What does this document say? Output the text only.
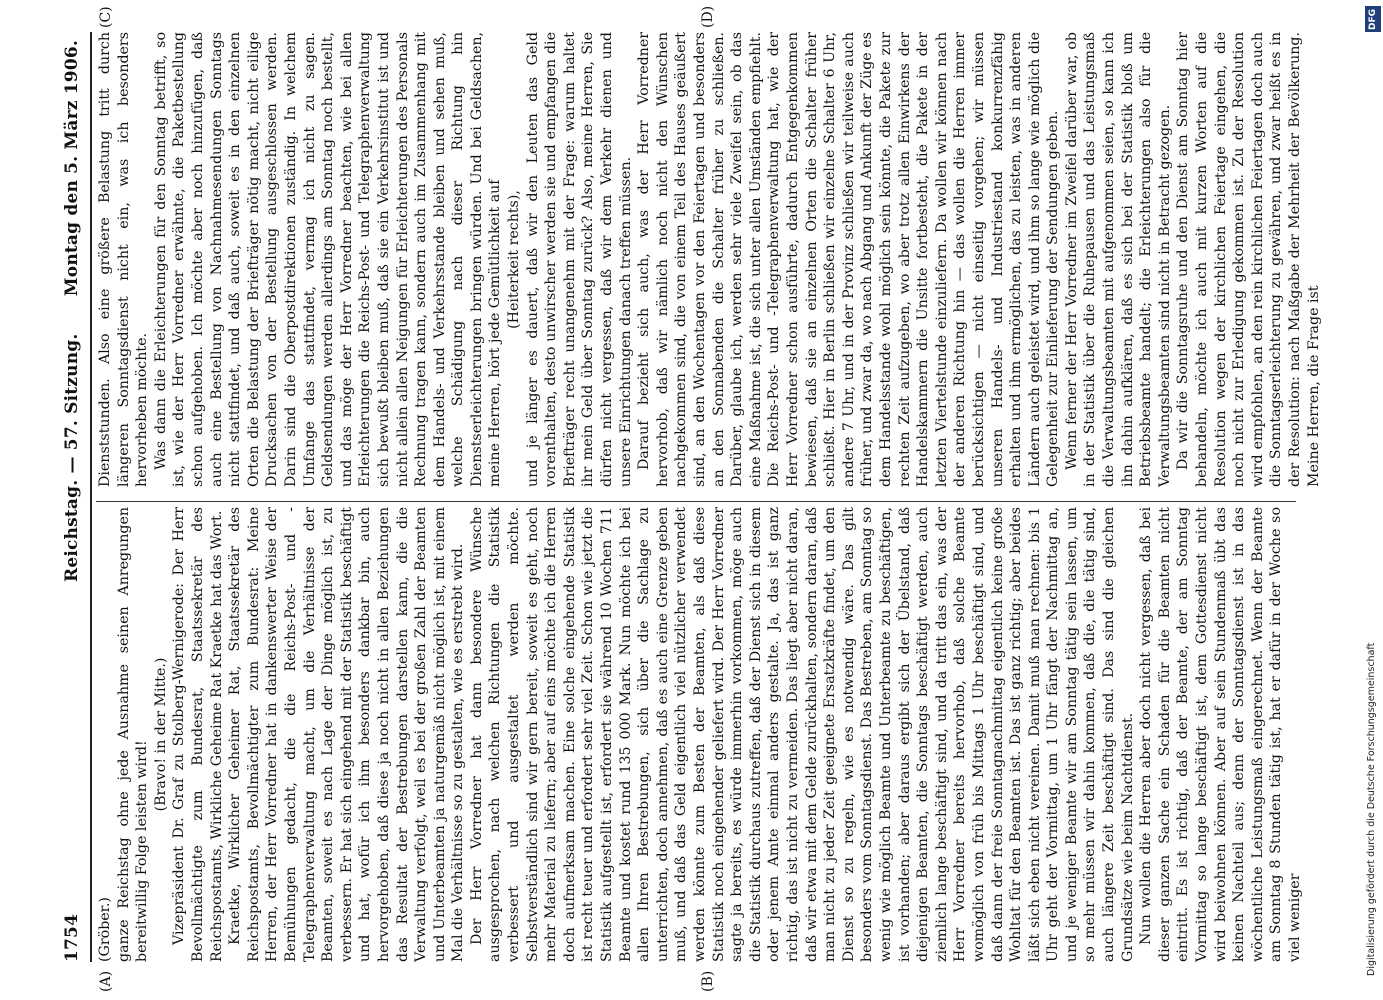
1754
Reichstag. — 57. Sitzung.
Montag den 5. März 1906.

(Gröber.) ganze Reichstag ohne jede Ausnahme seinen Anregungen bereitwillig Folge leisten wird!

(Bravo! in der Mitte.) Vizepräsident Dr. Graf zu Stolberg-Wernigerode: Der Herr Bevollmächtigte zum Bundesrat, Staatssekretär des Reichspostamts, Wirkliche Geheime Rat Kraetke hat das Wort. Kraetke, Wirklicher Geheimer Rat, Staatssekretär des Reichspostamts, Bevollmächtigter zum Bundesrat: Meine Herren, der Herr Vorredner hat in dankenswerter Weise der Bemühungen gedacht, die die Reichs-Post- und -Telegraphenverwaltung macht, um die Verhältnisse der Beamten, soweit es nach Lage der Dinge möglich ist, zu verbessern. Er hat sich eingehend mit der Statistik beschäftigt und hat, wofür ich ihm besonders dankbar bin, auch hervorgehoben, daß diese ja noch nicht in allen Beziehungen das Resultat der Bestrebungen darstellen kann, die die Verwaltung verfolgt, weil es bei der großen Zahl der Beamten und Unterbeamten ja naturgemäß nicht möglich ist, mit einem Mal die Verhältnisse so zu gestalten, wie es erstrebt wird. Der Herr Vorredner hat dann besondere Wünsche ausgesprochen, nach welchen Richtungen die Statistik verbessert und ausgestaltet werden möchte. Selbstverständlich sind wir gern bereit, soweit es geht, noch mehr Material zu liefern; aber auf eins möchte ich die Herren doch aufmerksam machen. Eine solche eingehende Statistik ist recht teuer und erfordert sehr viel Zeit. Schon wie jetzt die Statistik aufgestellt ist, erfordert sie während 10 Wochen 711 Beamte und kostet rund 135 000 Mark. Nun möchte ich bei allen Ihren Bestrebungen, sich über die Sachlage zu unterrichten, doch annehmen, daß es auch eine Grenze geben muß, und daß das Geld eigentlich viel nützlicher verwendet werden könnte zum Besten der Beamten, als daß diese Statistik noch eingehender geliefert wird. Der Herr Vorredner sagte ja bereits, es würde immerhin vorkommen, möge auch die Statistik durchaus zutreffen, daß der Dienst sich in diesem oder jenem Amte einmal anders gestalte. Ja, das ist ganz richtig, das ist nicht zu vermeiden. Das liegt aber nicht daran, daß wir etwa mit dem Gelde zurückhalten, sondern daran, daß man nicht zu jeder Zeit geeignete Ersatzkräfte findet, um den Dienst so zu regeln, wie es notwendig wäre. Das gilt besonders vom Sonntagsdienst. Das Bestreben, am Sonntag so wenig wie möglich Beamte und Unterbeamte zu beschäftigen, ist vorhanden; aber daraus ergibt sich der Übelstand, daß diejenigen Beamten, die Sonntags beschäftigt werden, auch ziemlich lange beschäftigt sind, und da tritt das ein, was der Herr Vorredner bereits hervorhob, daß solche Beamte womöglich von früh bis Mittags 1 Uhr beschäftigt sind, und daß dann der freie Sonntagnachmittag eigentlich keine große Wohltat für den Beamten ist. Das ist ganz richtig; aber beides läßt sich eben nicht vereinen. Damit muß man rechnen: bis 1 Uhr geht der Vormittag, um 1 Uhr fängt der Nachmittag an, und je weniger Beamte wir am Sonntag tätig sein lassen, um so mehr müssen wir dahin kommen, daß die, die tätig sind, auch längere Zeit beschäftigt sind. Das sind die gleichen Grundsätze wie beim Nachtdienst. Nun wollen die Herren aber doch nicht vergessen, daß bei dieser ganzen Sache ein Schaden für die Beamten nicht eintritt. Es ist richtig, daß der Beamte, der am Sonntag Vormittag so lange beschäftigt ist, dem Gottesdienst nicht wird beiwohnen können. Aber auf sein Stundenmaß übt das keinen Nachteil aus; denn der Sonntagsdienst ist in das wöchentliche Leistungsmaß eingerechnet. Wenn der Beamte am Sonntag 8 Stunden tätig ist, hat er dafür in der Woche so viel weniger

Dienststunden. Also eine größere Belastung tritt durch längeren Sonntagsdienst nicht ein, was ich besonders hervorheben möchte. Was dann die Erleichterungen für den Sonntag betrifft, so ist, wie der Herr Vorredner erwähnte, die Paketbestellung schon aufgehoben. Ich möchte aber noch hinzufügen, daß auch eine Bestellung von Nachnahmesendungen Sonntags nicht stattfindet, und daß auch, soweit es in den einzelnen Orten die Belastung der Briefträger nötig macht, nicht eilige Drucksachen von der Bestellung ausgeschlossen werden. Darin sind die Oberpostdirektionen zuständig. In welchem Umfange das stattfindet, vermag ich nicht zu sagen. Geldsendungen werden allerdings am Sonntag noch bestellt, und das möge der Herr Vorredner beachten, wie bei allen Erleichterungen die Reichs-Post- und Telegraphenverwaltung sich bewußt bleiben muß, daß sie ein Verkehrsinstitut ist und nicht allein allen Neigungen für Erleichterungen des Personals Rechnung tragen kann, sondern auch im Zusammenhang mit dem Handels- und Verkehrsstande bleiben und sehen muß, welche Schädigung nach dieser Richtung hin Dienstserleichterungen bringen würden. Und bei Geldsachen, meine Herren, hört jede Gemütlichkeit auf (Heiterkeit rechts), und je länger es dauert, daß wir den Leuten das Geld vorenthalten, desto unwirscher werden sie und empfangen die Briefträger recht unangenehm mit der Frage: warum haltet ihr mein Geld über Sonntag zurück? Also, meine Herren, Sie dürfen nicht vergessen, daß wir dem Verkehr dienen und unsere Einrichtungen danach treffen müssen. Darauf bezieht sich auch, was der Herr Vorredner hervorhob, daß wir nämlich noch nicht den Wünschen nachgekommen sind, die von einem Teil des Hauses geäußert sind, an den Wochentagen vor den Feiertagen und besonders an den Sonnabenden die Schalter früher zu schließen. Darüber, glaube ich, werden sehr viele Zweifel sein, ob das eine Maßnahme ist, die sich unter allen Umständen empfiehlt. Die Reichs-Post- und -Telegraphenverwaltung hat, wie der Herr Vorredner schon ausführte, dadurch Entgegenkommen bewiesen, daß sie an einzelnen Orten die Schalter früher schließt. Hier in Berlin schließen wir einzelne Schalter 6 Uhr, andere 7 Uhr, und in der Provinz schließen wir teilweise auch früher, und zwar da, wo nach Abgang und Ankunft der Züge es dem Handelsstande wohl möglich sein könnte, die Pakete zur rechten Zeit aufzugeben, wo aber trotz allen Einwirkens der Handelskammern die Unsitte fortbesteht, die Pakete in der letzten Viertelstunde einzuliefern. Da wollen wir können nach der anderen Richtung hin — das wollen die Herren immer berücksichtigen — nicht einseitig vorgehen; wir müssen unseren Handels- und Industriestand konkurrenzfähig erhalten und ihm ermöglichen, das zu leisten, was in anderen Ländern auch geleistet wird, und ihm so lange wie möglich die Gelegenheit zur Einlieferung der Sendungen geben. Wenn ferner der Herr Vorredner im Zweifel darüber war, ob in der Statistik über die Ruhepausen und das Leistungsmaß die Verwaltungsbeamten mit aufgenommen seien, so kann ich ihn dahin aufklären, daß es sich bei der Statistik bloß um Betriebsbeamte handelt; die Erleichterungen also für die Verwaltungsbeamten sind nicht in Betracht gezogen. Da wir die Sonntagsruhe und den Dienst am Sonntag hier behandeln, möchte ich auch mit kurzen Worten auf die Resolution wegen der kirchlichen Feiertage eingehen, die noch nicht zur Erledigung gekommen ist. Zu der Resolution wird empfohlen, an den rein kirchlichen Feiertagen doch auch die Sonntagserleichterung zu gewähren, und zwar heißt es in der Resolution: nach Maßgabe der Mehrheit der Bevölkerung. Meine Herren, die Frage ist

(A)	(B)
(C)	(D)	DFG
Digitalisierung gefördert durch die Deutsche Forschungsgemeinschaft
